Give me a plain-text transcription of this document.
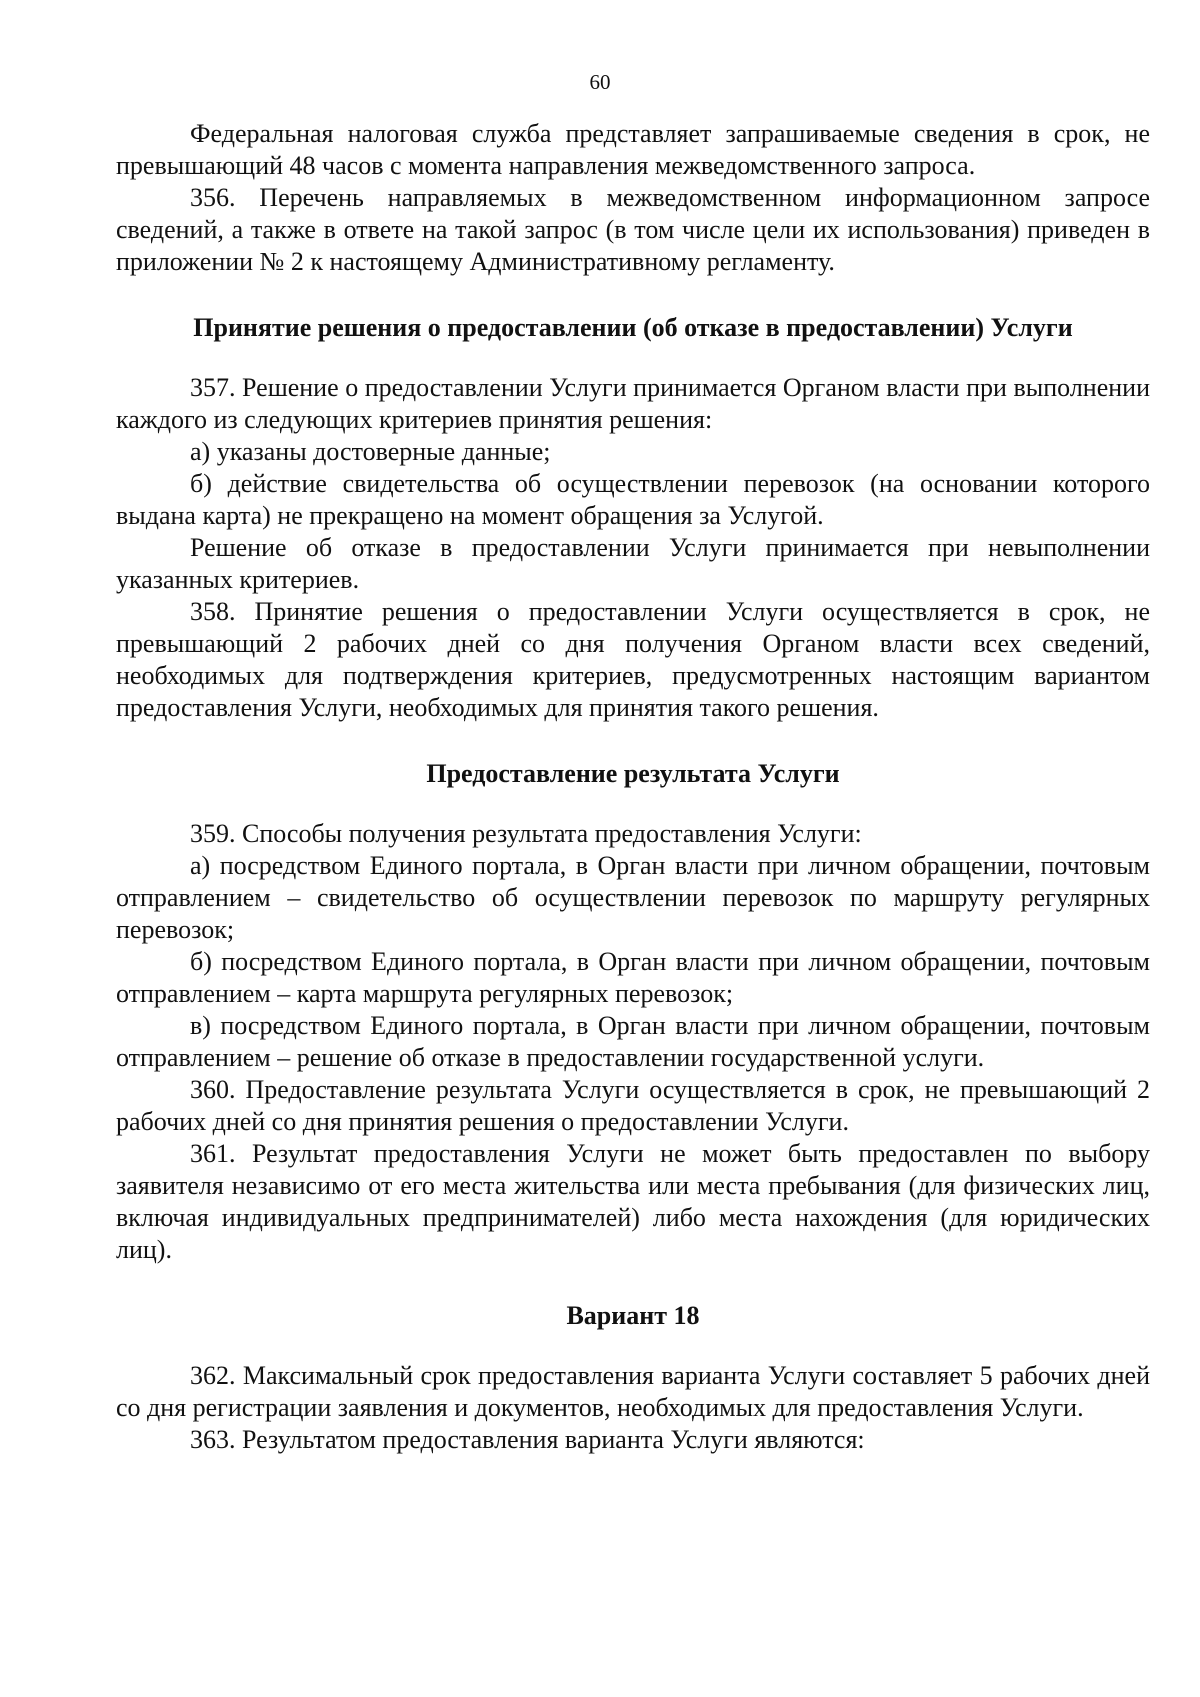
60

Федеральная налоговая служба представляет запрашиваемые сведения в срок, не превышающий 48 часов с момента направления межведомственного запроса.

356. Перечень направляемых в межведомственном информационном запросе сведений, а также в ответе на такой запрос (в том числе цели их использования) приведен в приложении № 2 к настоящему Административному регламенту.

Принятие решения о предоставлении (об отказе в предоставлении) Услуги

357. Решение о предоставлении Услуги принимается Органом власти при выполнении каждого из следующих критериев принятия решения:

а) указаны достоверные данные;

б) действие свидетельства об осуществлении перевозок (на основании которого выдана карта) не прекращено на момент обращения за Услугой.

Решение об отказе в предоставлении Услуги принимается при невыполнении указанных критериев.

358. Принятие решения о предоставлении Услуги осуществляется в срок, не превышающий 2 рабочих дней со дня получения Органом власти всех сведений, необходимых для подтверждения критериев, предусмотренных настоящим вариантом предоставления Услуги, необходимых для принятия такого решения.

Предоставление результата Услуги

359. Способы получения результата предоставления Услуги:

а) посредством Единого портала, в Орган власти при личном обращении, почтовым отправлением – свидетельство об осуществлении перевозок по маршруту регулярных перевозок;

б) посредством Единого портала, в Орган власти при личном обращении, почтовым отправлением – карта маршрута регулярных перевозок;

в) посредством Единого портала, в Орган власти при личном обращении, почтовым отправлением – решение об отказе в предоставлении государственной услуги.

360. Предоставление результата Услуги осуществляется в срок, не превышающий 2 рабочих дней со дня принятия решения о предоставлении Услуги.

361. Результат предоставления Услуги не может быть предоставлен по выбору заявителя независимо от его места жительства или места пребывания (для физических лиц, включая индивидуальных предпринимателей) либо места нахождения (для юридических лиц).

Вариант 18

362. Максимальный срок предоставления варианта Услуги составляет 5 рабочих дней со дня регистрации заявления и документов, необходимых для предоставления Услуги.

363. Результатом предоставления варианта Услуги являются:
